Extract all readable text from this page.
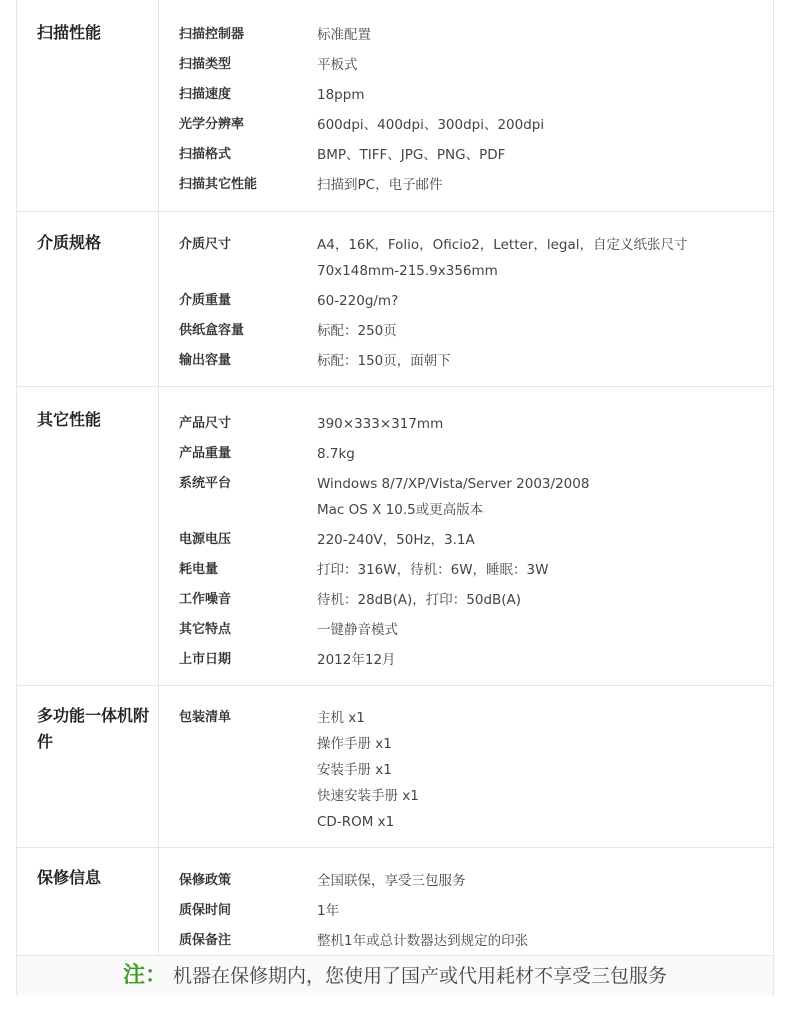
扫描性能	扫描控制器	标准配置
扫描类型	平板式
扫描速度	18ppm
光学分辨率	600dpi、400dpi、300dpi、200dpi
扫描格式	BMP、TIFF、JPG、PNG、PDF
扫描其它性能	扫描到PC，电子邮件
介质规格	介质尺寸	A4，16K，Folio，Oficio2，Letter，legal，自定义纸张尺寸
70x148mm-215.9x356mm
介质重量	60-220g/m?
供纸盒容量	标配：250页
输出容量	标配：150页，面朝下
其它性能	产品尺寸	390×333×317mm
产品重量	8.7kg
系统平台	Windows 8/7/XP/Vista/Server 2003/2008
Mac OS X 10.5或更高版本
电源电压	220-240V，50Hz，3.1A
耗电量	打印：316W，待机：6W，睡眠：3W
工作噪音	待机：28dB(A)，打印：50dB(A)
其它特点	一键静音模式
上市日期	2012年12月
多功能一体机附件
包装清单	主机 x1
操作手册 x1
安装手册 x1
快速安装手册 x1
CD-ROM x1
保修信息	保修政策	全国联保，享受三包服务
质保时间	1年
质保备注	整机1年或总计数器达到规定的印张
注： 机器在保修期内，您使用了国产或代用耗材不享受三包服务
